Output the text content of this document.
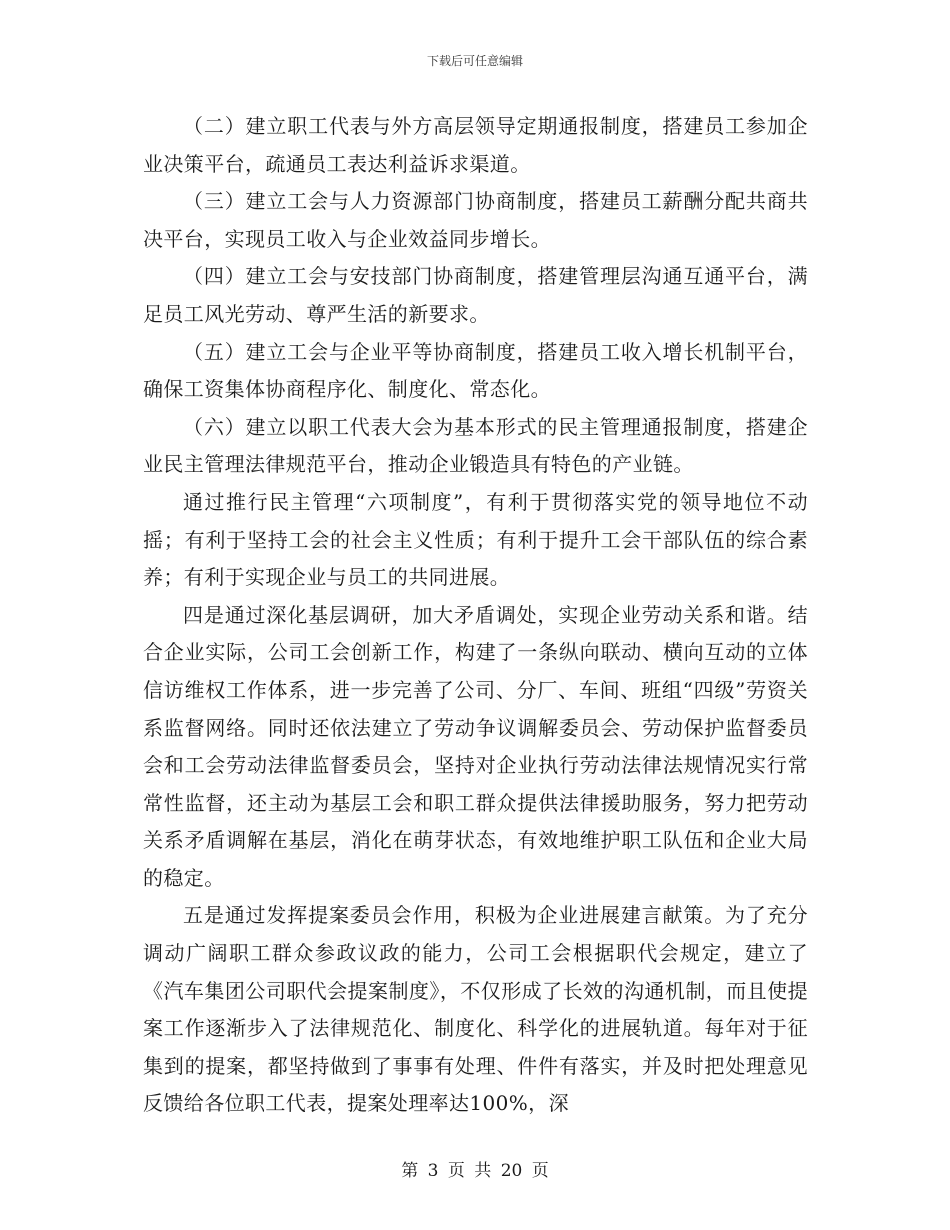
下载后可任意编辑

（二）建立职工代表与外方高层领导定期通报制度，搭建员工参加企业决策平台，疏通员工表达利益诉求渠道。

（三）建立工会与人力资源部门协商制度，搭建员工薪酬分配共商共决平台，实现员工收入与企业效益同步增长。

（四）建立工会与安技部门协商制度，搭建管理层沟通互通平台，满足员工风光劳动、尊严生活的新要求。

（五）建立工会与企业平等协商制度，搭建员工收入增长机制平台，确保工资集体协商程序化、制度化、常态化。

（六）建立以职工代表大会为基本形式的民主管理通报制度，搭建企业民主管理法律规范平台，推动企业锻造具有特色的产业链。

通过推行民主管理“六项制度”，有利于贯彻落实党的领导地位不动摇；有利于坚持工会的社会主义性质；有利于提升工会干部队伍的综合素养；有利于实现企业与员工的共同进展。

四是通过深化基层调研，加大矛盾调处，实现企业劳动关系和谐。结合企业实际，公司工会创新工作，构建了一条纵向联动、横向互动的立体信访维权工作体系，进一步完善了公司、分厂、车间、班组“四级”劳资关系监督网络。同时还依法建立了劳动争议调解委员会、劳动保护监督委员会和工会劳动法律监督委员会，坚持对企业执行劳动法律法规情况实行常常性监督，还主动为基层工会和职工群众提供法律援助服务，努力把劳动关系矛盾调解在基层，消化在萌芽状态，有效地维护职工队伍和企业大局的稳定。

五是通过发挥提案委员会作用，积极为企业进展建言献策。为了充分调动广阔职工群众参政议政的能力，公司工会根据职代会规定，建立了《汽车集团公司职代会提案制度》，不仅形成了长效的沟通机制，而且使提案工作逐渐步入了法律规范化、制度化、科学化的进展轨道。每年对于征集到的提案，都坚持做到了事事有处理、件件有落实，并及时把处理意见反馈给各位职工代表，提案处理率达100%，深

第 3 页 共 20 页
